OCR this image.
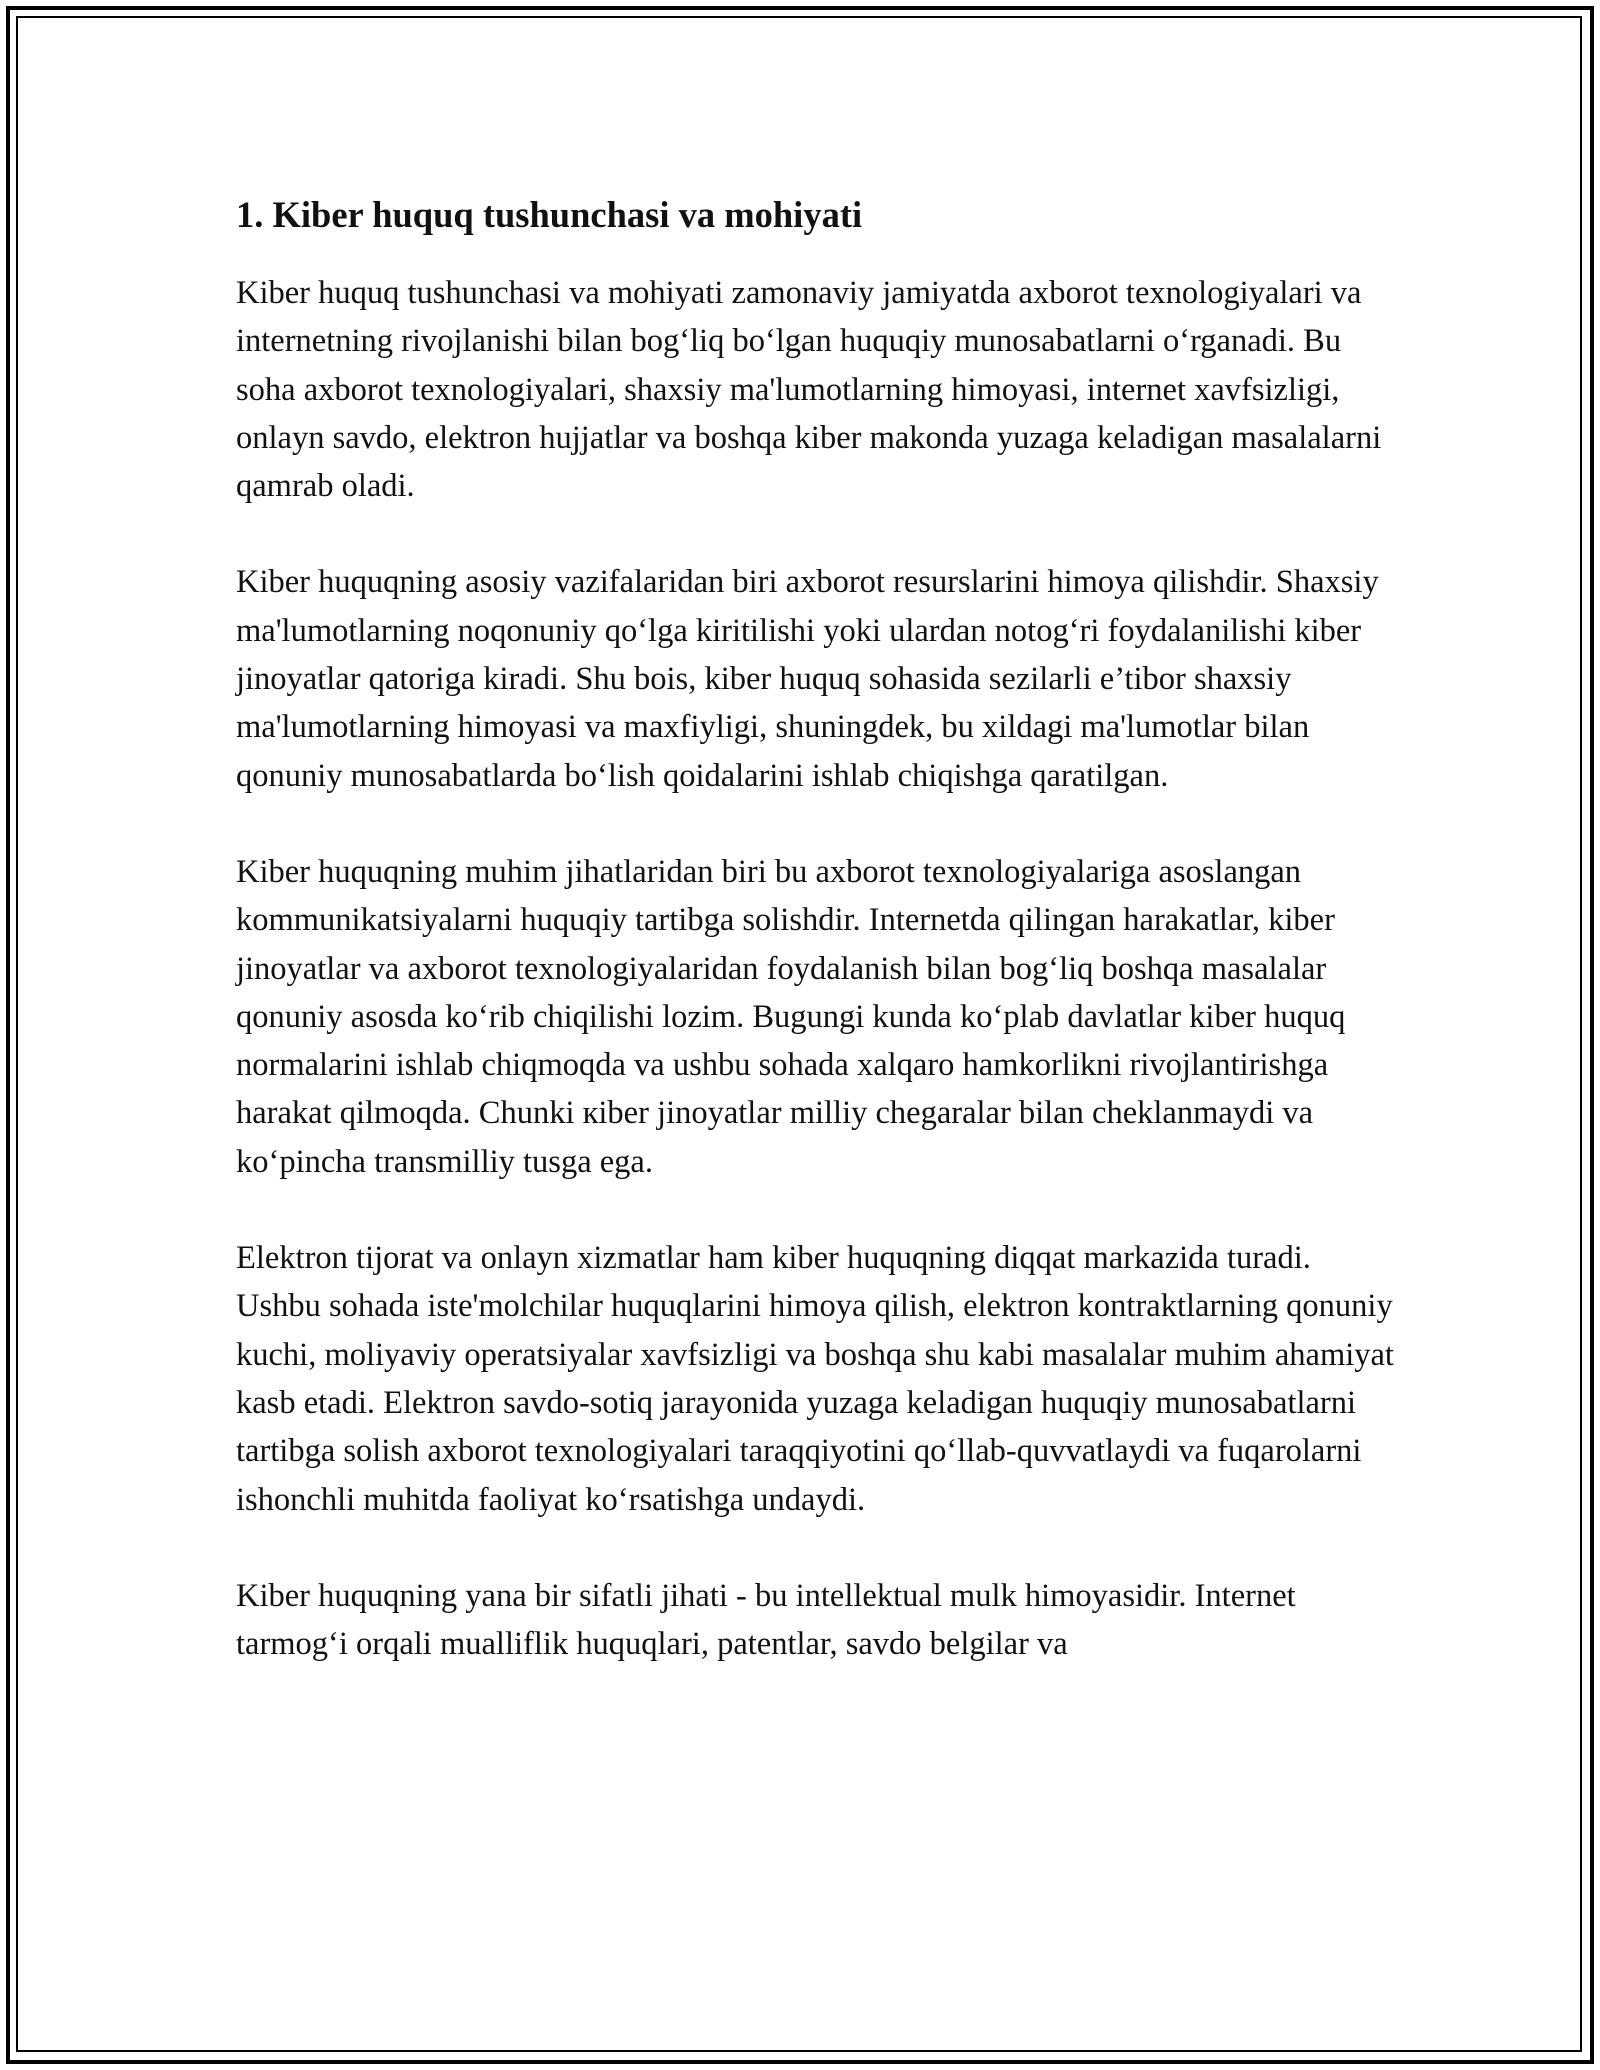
1. Kiber huquq tushunchasi va mohiyati

Kiber huquq tushunchasi va mohiyati zamonaviy jamiyatda axborot texnologiyalari va internetning rivojlanishi bilan bog‘liq bo‘lgan huquqiy munosabatlarni o‘rganadi. Bu soha axborot texnologiyalari, shaxsiy ma'lumotlarning himoyasi, internet xavfsizligi, onlayn savdo, elektron hujjatlar va boshqa kiber makonda yuzaga keladigan masalalarni qamrab oladi.

Kiber huquqning asosiy vazifalaridan biri axborot resurslarini himoya qilishdir. Shaxsiy ma'lumotlarning noqonuniy qo‘lga kiritilishi yoki ulardan notog‘ri foydalanilishi kiber jinoyatlar qatoriga kiradi. Shu bois, kiber huquq sohasida sezilarli e’tibor shaxsiy ma'lumotlarning himoyasi va maxfiyligi, shuningdek, bu xildagi ma'lumotlar bilan qonuniy munosabatlarda bo‘lish qoidalarini ishlab chiqishga qaratilgan.

Kiber huquqning muhim jihatlaridan biri bu axborot texnologiyalariga asoslangan kommunikatsiyalarni huquqiy tartibga solishdir. Internetda qilingan harakatlar, kiber jinoyatlar va axborot texnologiyalaridan foydalanish bilan bog‘liq boshqa masalalar qonuniy asosda ko‘rib chiqilishi lozim. Bugungi kunda ko‘plab davlatlar kiber huquq normalarini ishlab chiqmoqda va ushbu sohada xalqaro hamkorlikni rivojlantirishga harakat qilmoqda. Chunki кiber jinoyatlar milliy chegaralar bilan cheklanmaydi va ko‘pincha transmilliy tusga ega.

Elektron tijorat va onlayn xizmatlar ham kiber huquqning diqqat markazida turadi. Ushbu sohada iste'molchilar huquqlarini himoya qilish, elektron kontraktlarning qonuniy kuchi, moliyaviy operatsiyalar xavfsizligi va boshqa shu kabi masalalar muhim ahamiyat kasb etadi. Elektron savdo-sotiq jarayonida yuzaga keladigan huquqiy munosabatlarni tartibga solish axborot texnologiyalari taraqqiyotini qo‘llab-quvvatlaydi va fuqarolarni ishonchli muhitda faoliyat ko‘rsatishga undaydi.

Kiber huquqning yana bir sifatli jihati - bu intellektual mulk himoyasidir. Internet tarmog‘i orqali mualliflik huquqlari, patentlar, savdo belgilar va
